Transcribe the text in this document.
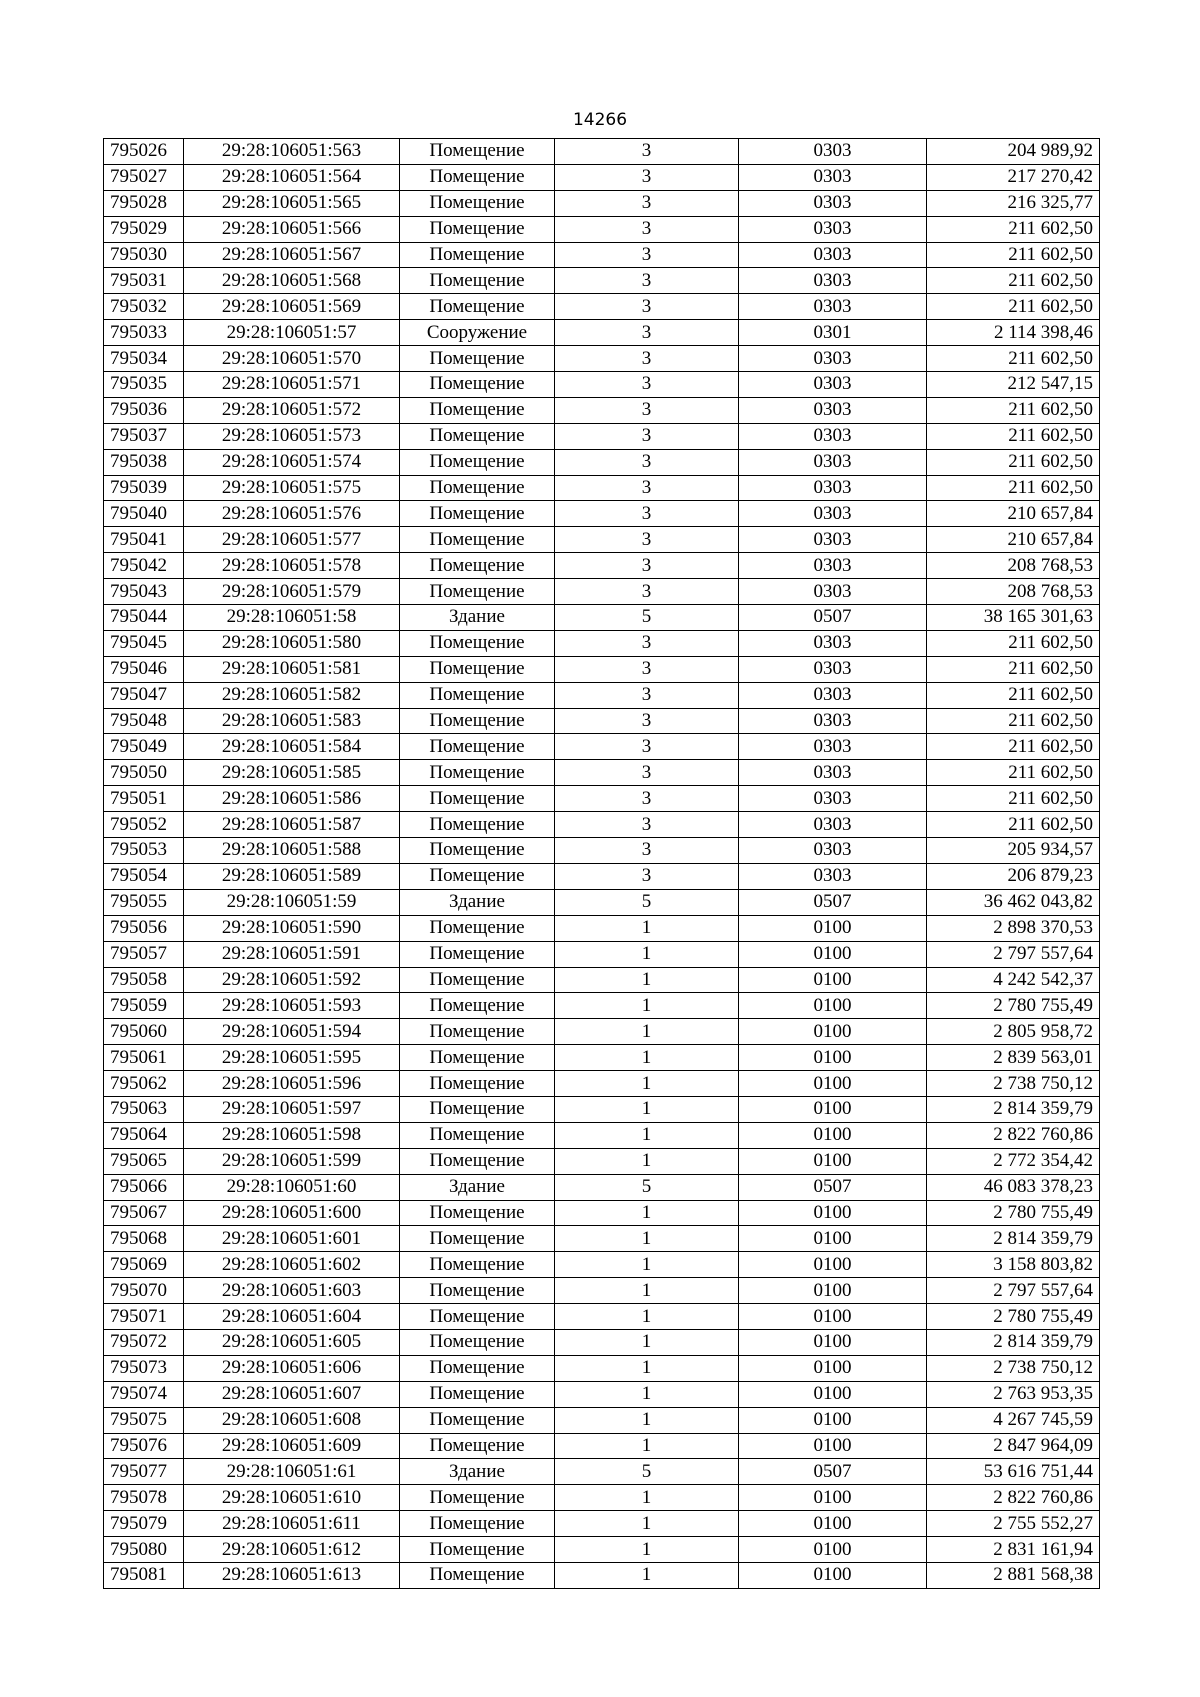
14266
795026	29:28:106051:563	Помещение	3	0303	204 989,92
795027	29:28:106051:564	Помещение	3	0303	217 270,42
795028	29:28:106051:565	Помещение	3	0303	216 325,77
795029	29:28:106051:566	Помещение	3	0303	211 602,50
795030	29:28:106051:567	Помещение	3	0303	211 602,50
795031	29:28:106051:568	Помещение	3	0303	211 602,50
795032	29:28:106051:569	Помещение	3	0303	211 602,50
795033	29:28:106051:57	Сооружение	3	0301	2 114 398,46
795034	29:28:106051:570	Помещение	3	0303	211 602,50
795035	29:28:106051:571	Помещение	3	0303	212 547,15
795036	29:28:106051:572	Помещение	3	0303	211 602,50
795037	29:28:106051:573	Помещение	3	0303	211 602,50
795038	29:28:106051:574	Помещение	3	0303	211 602,50
795039	29:28:106051:575	Помещение	3	0303	211 602,50
795040	29:28:106051:576	Помещение	3	0303	210 657,84
795041	29:28:106051:577	Помещение	3	0303	210 657,84
795042	29:28:106051:578	Помещение	3	0303	208 768,53
795043	29:28:106051:579	Помещение	3	0303	208 768,53
795044	29:28:106051:58	Здание	5	0507	38 165 301,63
795045	29:28:106051:580	Помещение	3	0303	211 602,50
795046	29:28:106051:581	Помещение	3	0303	211 602,50
795047	29:28:106051:582	Помещение	3	0303	211 602,50
795048	29:28:106051:583	Помещение	3	0303	211 602,50
795049	29:28:106051:584	Помещение	3	0303	211 602,50
795050	29:28:106051:585	Помещение	3	0303	211 602,50
795051	29:28:106051:586	Помещение	3	0303	211 602,50
795052	29:28:106051:587	Помещение	3	0303	211 602,50
795053	29:28:106051:588	Помещение	3	0303	205 934,57
795054	29:28:106051:589	Помещение	3	0303	206 879,23
795055	29:28:106051:59	Здание	5	0507	36 462 043,82
795056	29:28:106051:590	Помещение	1	0100	2 898 370,53
795057	29:28:106051:591	Помещение	1	0100	2 797 557,64
795058	29:28:106051:592	Помещение	1	0100	4 242 542,37
795059	29:28:106051:593	Помещение	1	0100	2 780 755,49
795060	29:28:106051:594	Помещение	1	0100	2 805 958,72
795061	29:28:106051:595	Помещение	1	0100	2 839 563,01
795062	29:28:106051:596	Помещение	1	0100	2 738 750,12
795063	29:28:106051:597	Помещение	1	0100	2 814 359,79
795064	29:28:106051:598	Помещение	1	0100	2 822 760,86
795065	29:28:106051:599	Помещение	1	0100	2 772 354,42
795066	29:28:106051:60	Здание	5	0507	46 083 378,23
795067	29:28:106051:600	Помещение	1	0100	2 780 755,49
795068	29:28:106051:601	Помещение	1	0100	2 814 359,79
795069	29:28:106051:602	Помещение	1	0100	3 158 803,82
795070	29:28:106051:603	Помещение	1	0100	2 797 557,64
795071	29:28:106051:604	Помещение	1	0100	2 780 755,49
795072	29:28:106051:605	Помещение	1	0100	2 814 359,79
795073	29:28:106051:606	Помещение	1	0100	2 738 750,12
795074	29:28:106051:607	Помещение	1	0100	2 763 953,35
795075	29:28:106051:608	Помещение	1	0100	4 267 745,59
795076	29:28:106051:609	Помещение	1	0100	2 847 964,09
795077	29:28:106051:61	Здание	5	0507	53 616 751,44
795078	29:28:106051:610	Помещение	1	0100	2 822 760,86
795079	29:28:106051:611	Помещение	1	0100	2 755 552,27
795080	29:28:106051:612	Помещение	1	0100	2 831 161,94
795081	29:28:106051:613	Помещение	1	0100	2 881 568,38
